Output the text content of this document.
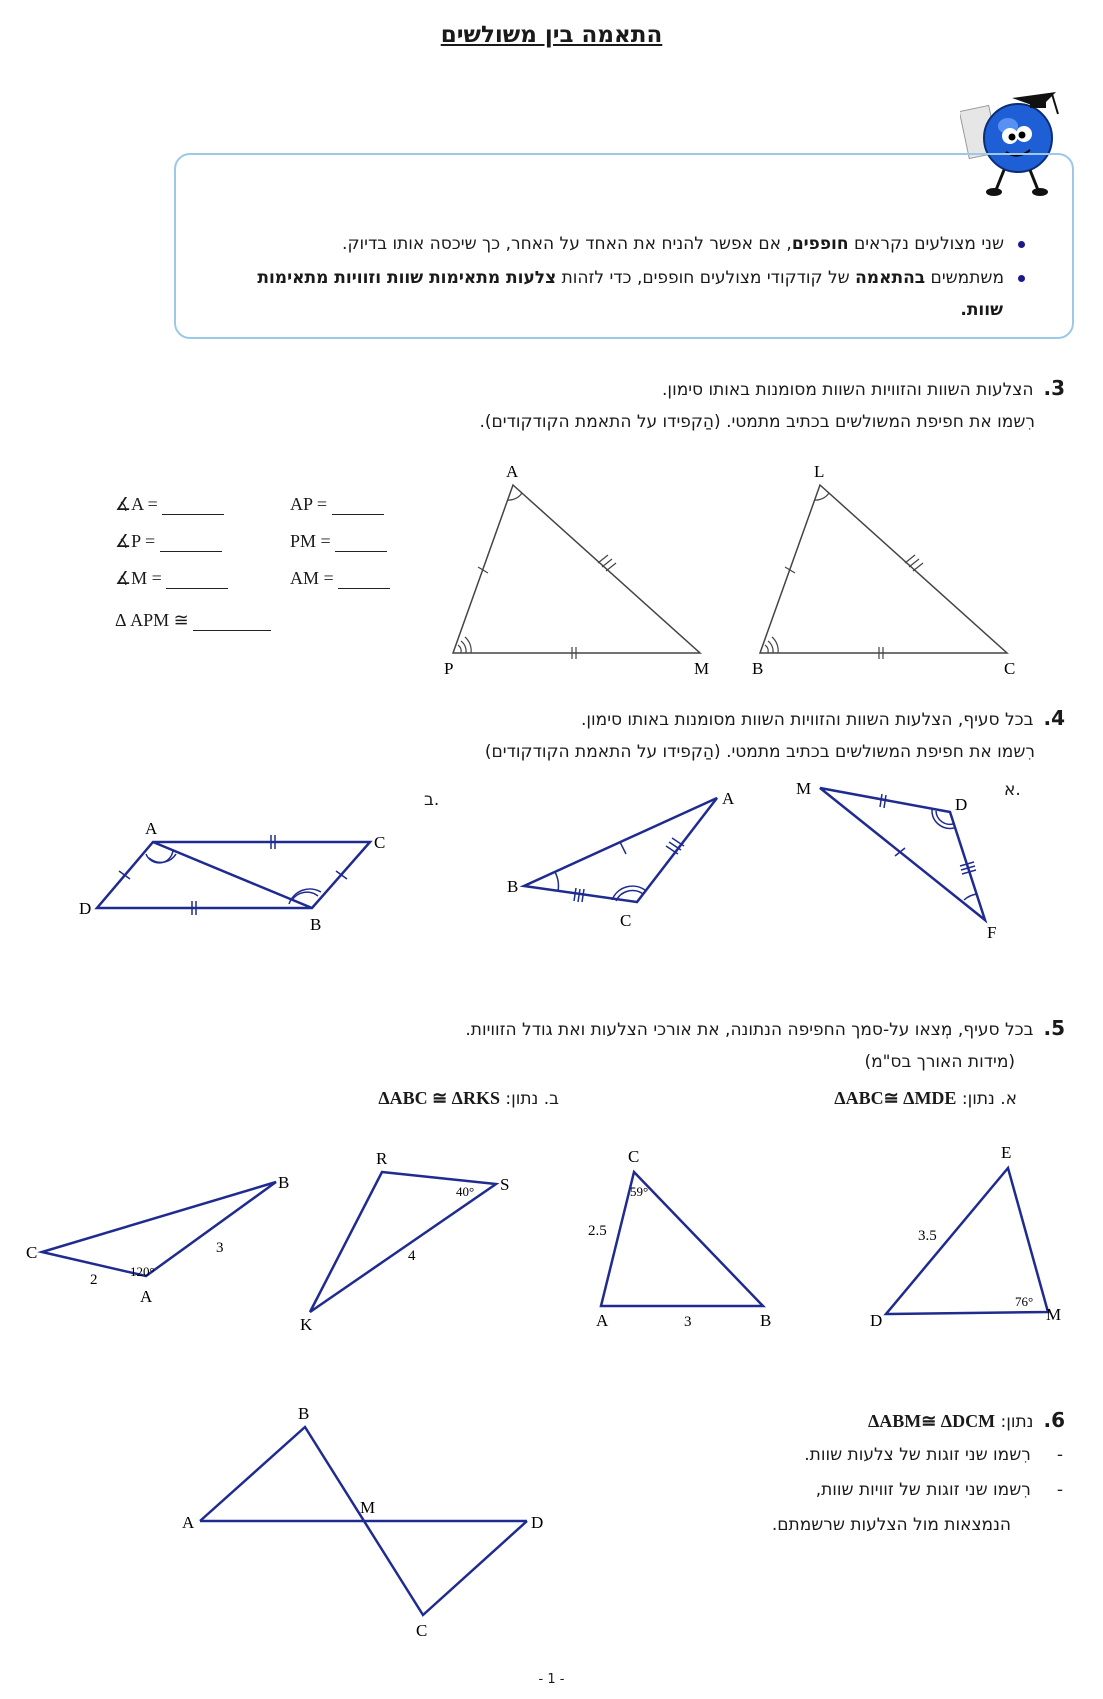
התאמה בין משולשים
שני מצולעים נקראים חופפים, אם אפשר להניח את האחד על האחר, כך שיכסה אותו בדיוק.
משתמשים בהתאמה של קודקודי מצולעים חופפים, כדי לזהות צלעות מתאימות שוות וזוויות מתאימות
שוות.
3.הצלעות השוות והזוויות השוות מסומנות באותו סימון.
רִשמו את חפיפת המשולשים בכתיב מתמטי. (הַקפידו על התאמת הקודקודים).
∡A =
∡P =
∡M =
AP =
PM =
AM =
Δ APM ≅
A
P	M
L
B	C
4.בכל סעיף, הצלעות השוות והזוויות השוות מסומנות באותו סימון.
רִשמו את חפיפת המשולשים בכתיב מתמטי. (הַקפידו על התאמת הקודקודים)
א.
ב.
A
C
D
B
A
B
C
M
D
F
5.בכל סעיף, מְצאו על-סמך החפיפה הנתונה, את אורכי הצלעות ואת גודל הזוויות.
(מידות האורך בס"מ)
א. נתון: ΔABC≅ ΔMDE
ב. נתון: ΔABC ≅ ΔRKS
B
C
A
3
2
120°
R
S
K
4
40°
C
A	B
2.5
3
59°
E
D	M
3.5
76°
6.נתון: ΔABM≅ ΔDCM
-רִשמו שני זוגות של צלעות שוות.
-רִשמו שני זוגות של זוויות שוות,
הנמצאות מול הצלעות שרשמתם.
B
A
M
D
C
- 1 -
